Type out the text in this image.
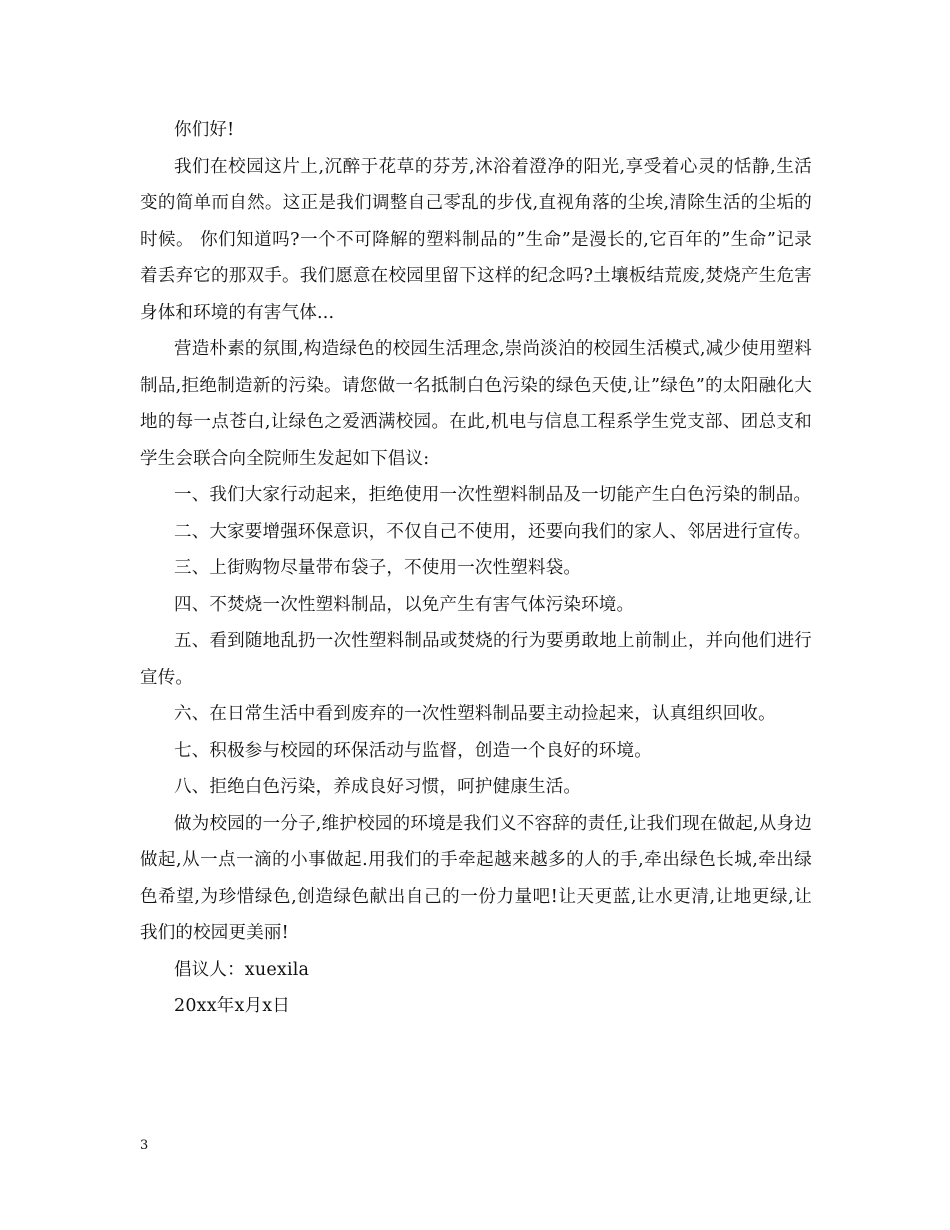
你们好!

我们在校园这片上,沉醉于花草的芬芳,沐浴着澄净的阳光,享受着心灵的恬静,生活变的简单而自然。这正是我们调整自己零乱的步伐,直视角落的尘埃,清除生活的尘垢的时候。 你们知道吗?一个不可降解的塑料制品的”生命”是漫长的,它百年的”生命”记录着丢弃它的那双手。我们愿意在校园里留下这样的纪念吗?土壤板结荒废,焚烧产生危害身体和环境的有害气体...

营造朴素的氛围,构造绿色的校园生活理念,崇尚淡泊的校园生活模式,减少使用塑料制品,拒绝制造新的污染。请您做一名抵制白色污染的绿色天使,让”绿色”的太阳融化大地的每一点苍白,让绿色之爱洒满校园。在此,机电与信息工程系学生党支部、团总支和学生会联合向全院师生发起如下倡议:

一、我们大家行动起来，拒绝使用一次性塑料制品及一切能产生白色污染的制品。

二、大家要增强环保意识，不仅自己不使用，还要向我们的家人、邻居进行宣传。

三、上街购物尽量带布袋子，不使用一次性塑料袋。

四、不焚烧一次性塑料制品，以免产生有害气体污染环境。

五、看到随地乱扔一次性塑料制品或焚烧的行为要勇敢地上前制止，并向他们进行宣传。

六、在日常生活中看到废弃的一次性塑料制品要主动捡起来，认真组织回收。

七、积极参与校园的环保活动与监督，创造一个良好的环境。

八、拒绝白色污染，养成良好习惯，呵护健康生活。

做为校园的一分子,维护校园的环境是我们义不容辞的责任,让我们现在做起,从身边做起,从一点一滴的小事做起.用我们的手牵起越来越多的人的手,牵出绿色长城,牵出绿色希望,为珍惜绿色,创造绿色献出自己的一份力量吧!让天更蓝,让水更清,让地更绿,让我们的校园更美丽!

倡议人：xuexila

20xx年x月x日

3
